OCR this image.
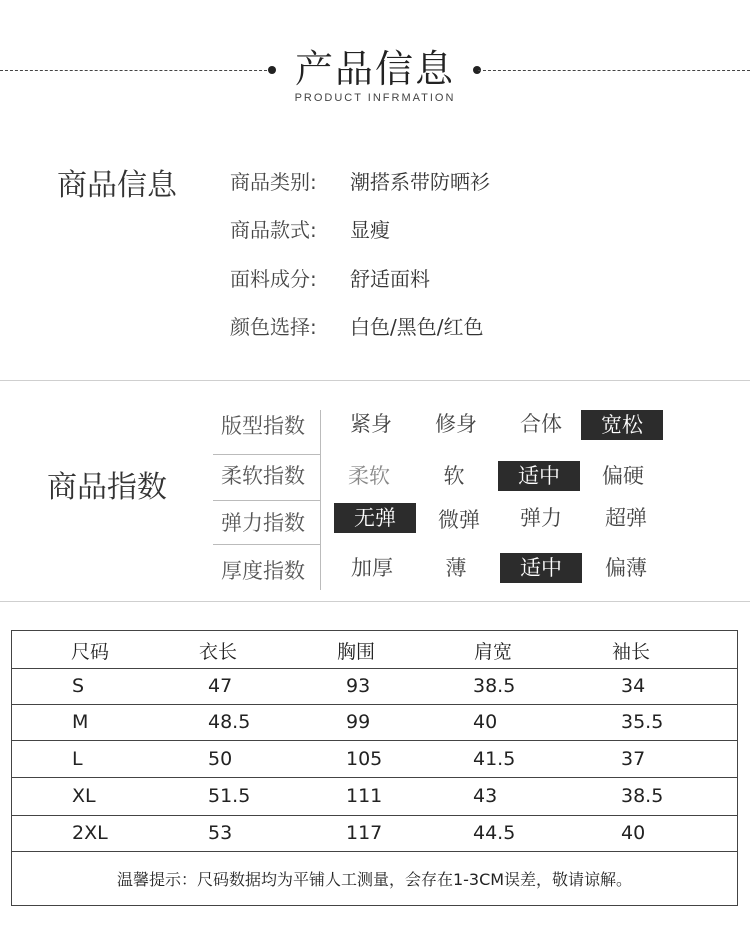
产品信息
PRODUCT INFRMATION
商品信息	商品类别:	潮搭系带防晒衫
商品款式:	显瘦
面料成分:	舒适面料
颜色选择:	白色/黑色/红色
商品指数
版型指数	紧身	修身	合体	宽松
柔软指数	柔软	软	适中	偏硬
弹力指数	无弹	微弹	弹力	超弹
厚度指数	加厚	薄	适中	偏薄
尺码	衣长	胸围	肩宽	袖长
S	47	93	38.5	34
M	48.5	99	40	35.5
L	50	105	41.5	37
XL	51.5	111	43	38.5
2XL	53	117	44.5	40
温馨提示：尺码数据均为平铺人工测量，会存在1-3CM误差，敬请谅解。
